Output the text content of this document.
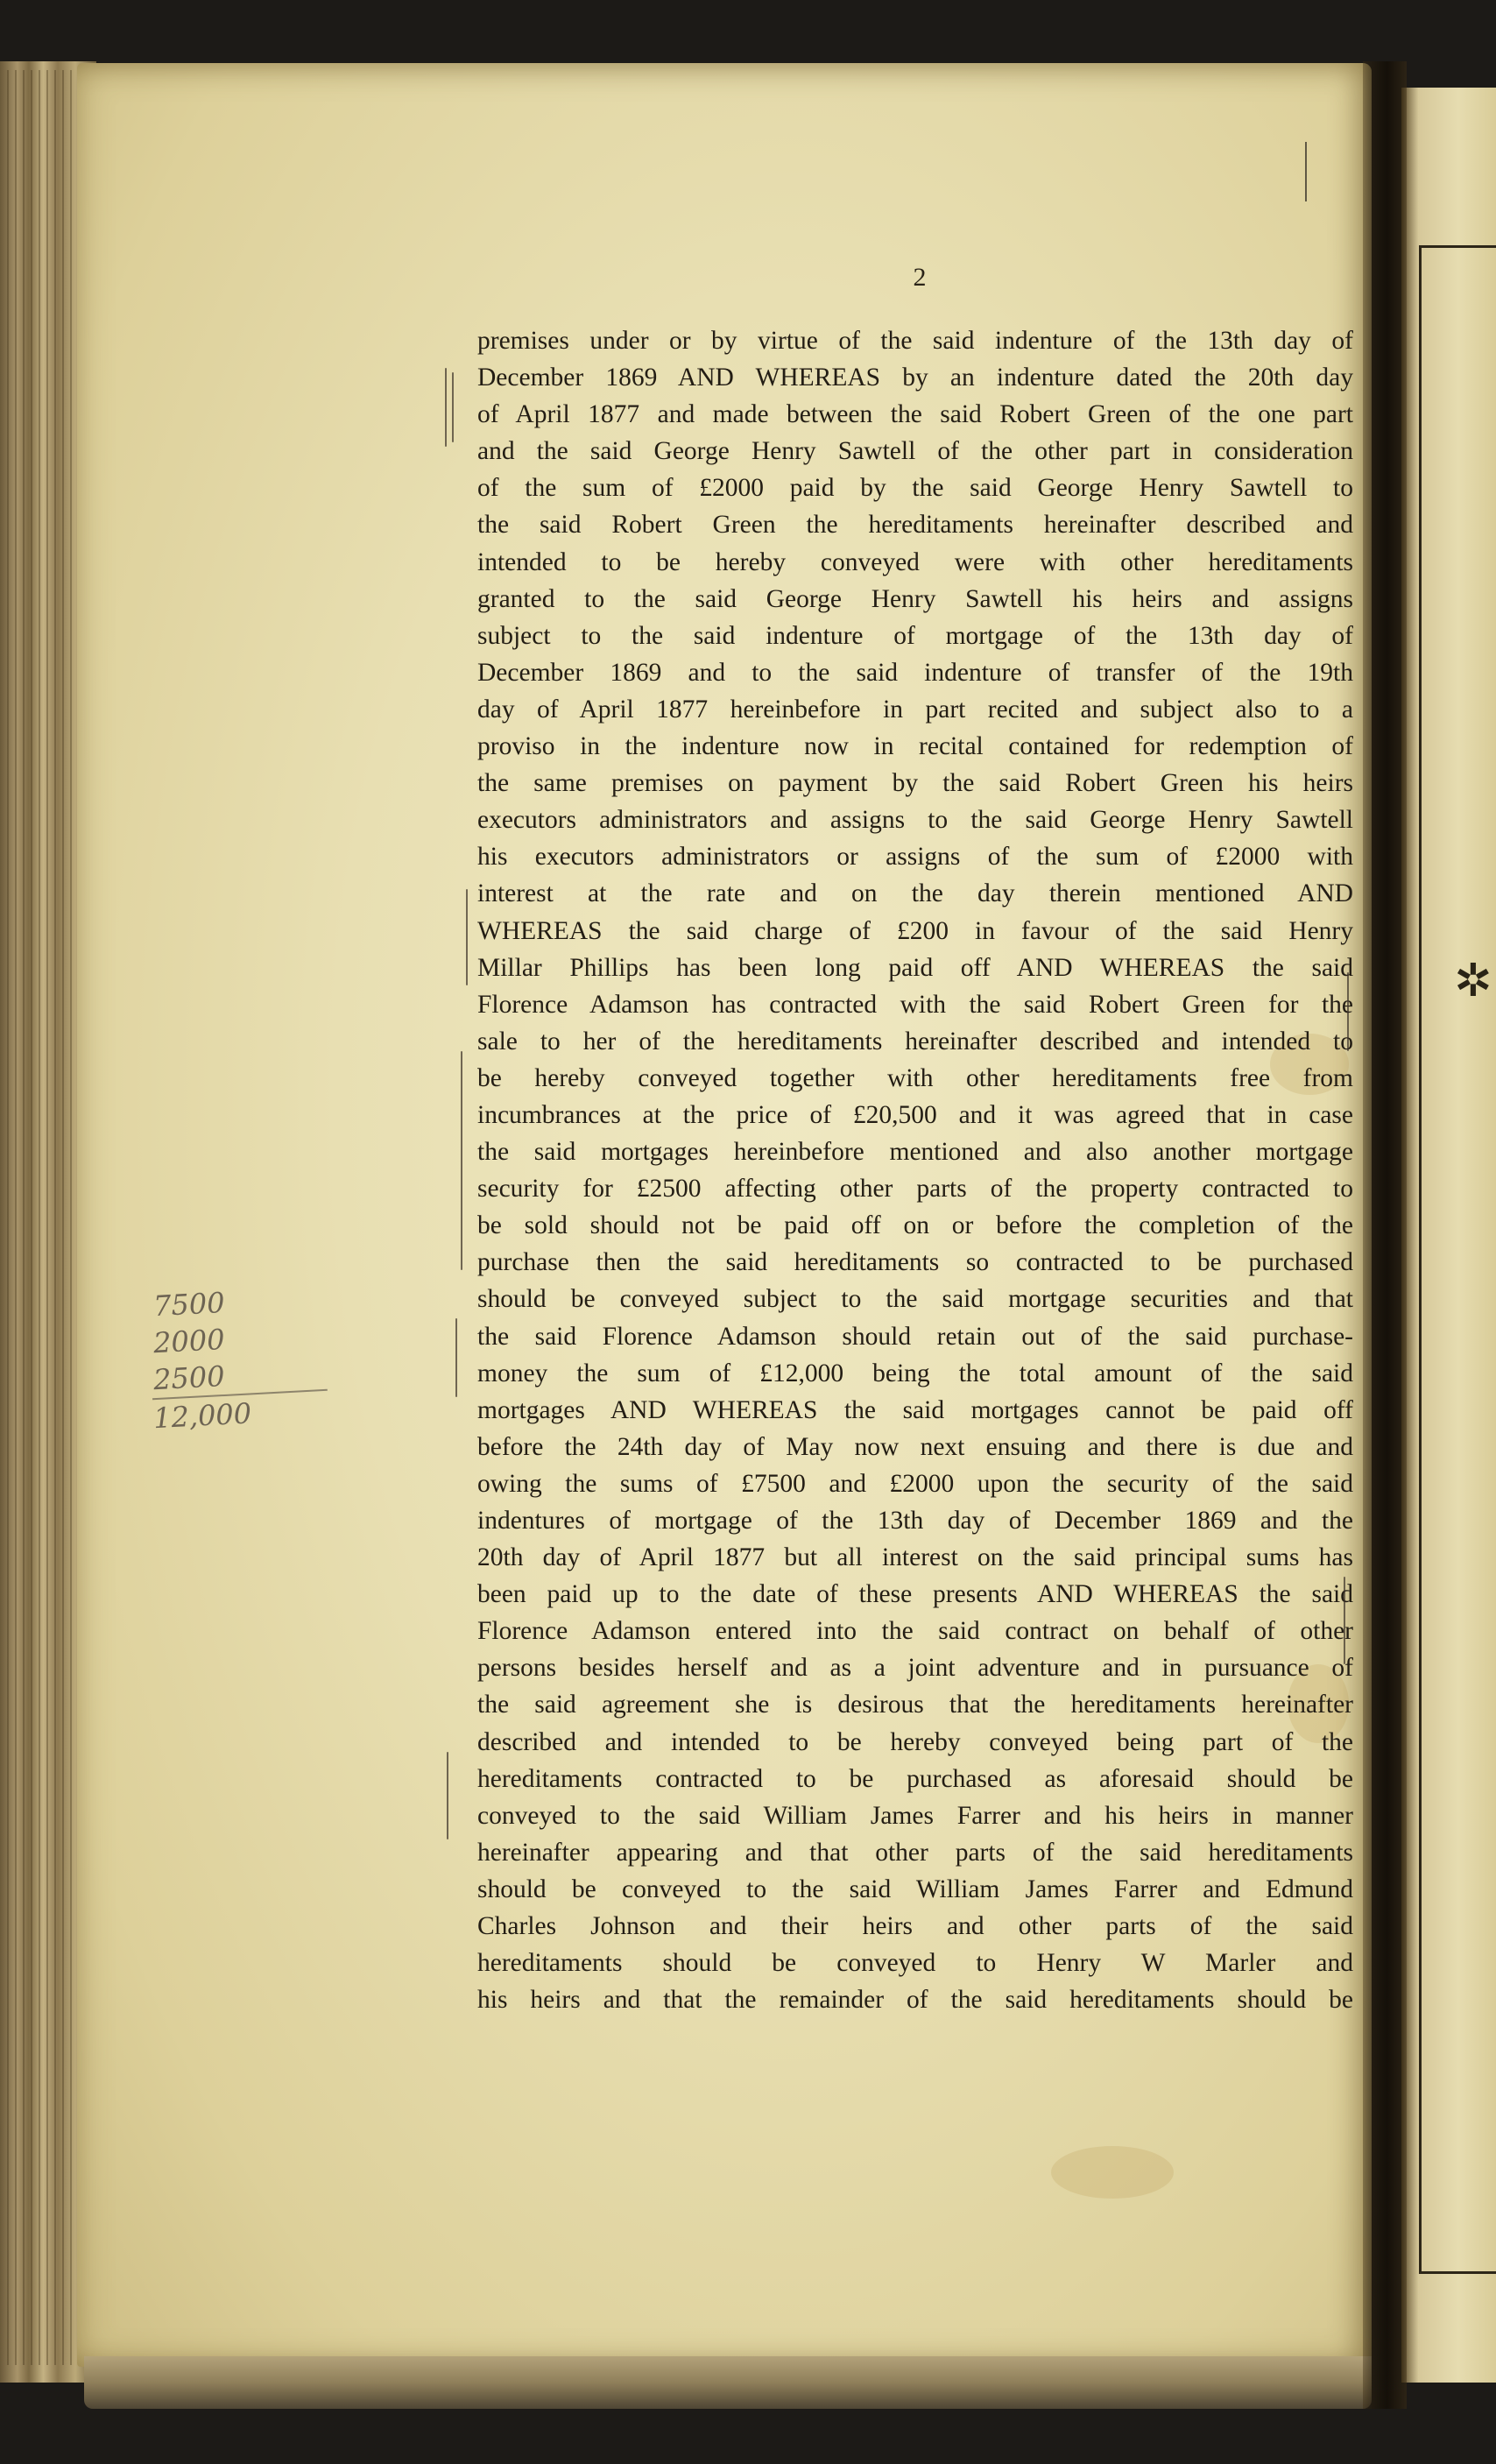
✲
2
premises under or by virtue of the said indenture of the 13th day of
December 1869 AND WHEREAS by an indenture dated the 20th day
of April 1877 and made between the said Robert Green of the one part
and the said George Henry Sawtell of the other part in consideration
of the sum of £2000 paid by the said George Henry Sawtell to
the said Robert Green the hereditaments hereinafter described and
intended to be hereby conveyed were with other hereditaments
granted to the said George Henry Sawtell his heirs and assigns
subject to the said indenture of mortgage of the 13th day of
December 1869 and to the said indenture of transfer of the 19th
day of April 1877 hereinbefore in part recited and subject also to a
proviso in the indenture now in recital contained for redemption of
the same premises on payment by the said Robert Green his heirs
executors administrators and assigns to the said George Henry Sawtell
his executors administrators or assigns of the sum of £2000 with
interest at the rate and on the day therein mentioned AND
WHEREAS the said charge of £200 in favour of the said Henry
Millar Phillips has been long paid off AND WHEREAS the said
Florence Adamson has contracted with the said Robert Green for the
sale to her of the hereditaments hereinafter described and intended to
be hereby conveyed together with other hereditaments free from
incumbrances at the price of £20,500 and it was agreed that in case
the said mortgages hereinbefore mentioned and also another mortgage
security for £2500 affecting other parts of the property contracted to
be sold should not be paid off on or before the completion of the
purchase then the said hereditaments so contracted to be purchased
should be conveyed subject to the said mortgage securities and that
the said Florence Adamson should retain out of the said purchase-
money the sum of £12,000 being the total amount of the said
mortgages AND WHEREAS the said mortgages cannot be paid off
before the 24th day of May now next ensuing and there is due and
owing the sums of £7500 and £2000 upon the security of the said
indentures of mortgage of the 13th day of December 1869 and the
20th day of April 1877 but all interest on the said principal sums has
been paid up to the date of these presents AND WHEREAS the said
Florence Adamson entered into the said contract on behalf of other
persons besides herself and as a joint adventure and in pursuance of
the said agreement she is desirous that the hereditaments hereinafter
described and intended to be hereby conveyed being part of the
hereditaments contracted to be purchased as aforesaid should be
conveyed to the said William James Farrer and his heirs in manner
hereinafter appearing and that other parts of the said hereditaments
should be conveyed to the said William James Farrer and Edmund
Charles Johnson and their heirs and other parts of the said
hereditaments should be conveyed to Henry W Marler and
his heirs and that the remainder of the said hereditaments should be
7500
2000
2500
12,000
